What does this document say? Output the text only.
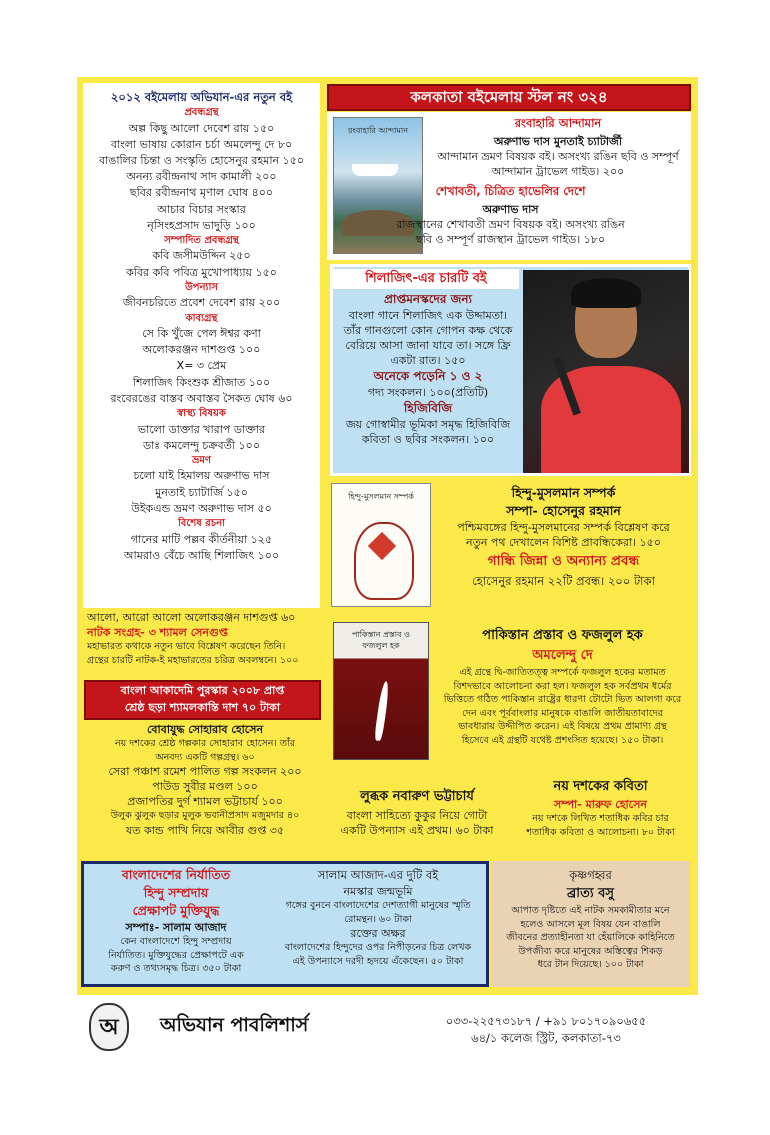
২০১২ বইমেলায় অভিযান-এর নতুন বই

প্রবন্ধগ্রন্থ

অল্প কিছু আলো দেবেশ রায় ১৫০

বাংলা ভাষায় কোরান চর্চা অমলেন্দু দে ৮০

বাঙালির চিন্তা ও সংস্কৃতি হোসেনুর রহমান ১৫০

অনন্য রবীন্দ্রনাথ সাদ কামালী ২০০

ছবির রবীন্দ্রনাথ মৃণাল ঘোষ ৪০০

আচার বিচার সংস্কার

নৃসিংহপ্রসাদ ভাদুড়ি ১০০

সম্পাদিত প্রবন্ধগ্রন্থ

কবি জসীমউদ্দিন ২৫০

কবির কবি পবিত্র মুখোপাধ্যায় ১৫০

উপন্যাস

জীবনচরিতে প্রবেশ দেবেশ রায় ২০০

কাব্যগ্রন্থ

সে কি খুঁজে পেল ঈশ্বর কণা

অলোকরঞ্জন দাশগুপ্ত ১০০

X= ৩ প্রেম

শিলাজিৎ কিংশুক শ্রীজাত ১০০

রংবেরঙের বাস্তব অবাস্তব সৈকত ঘোষ ৬০

স্বাস্থ্য বিষয়ক

ভালো ডাক্তার খারাপ ডাক্তার

ডাঃ কমলেন্দু চক্রবর্তী ১০০

ভ্রমণ

চলো যাই হিমালয় অরুণাভ দাস

মুনতাই চ্যাটার্জি ১৫০

উইকএন্ড ভ্রমণ অরুণাভ দাস ৫০

বিশেষ রচনা

গানের মাটি পল্লব কীর্তনীয়া ১২৫

আমরাও বেঁচে আছি শিলাজিৎ ১০০

কলকাতা বইমেলায় স্টল নং ৩২৪

রংবাহারি আন্দামান

রংবাহারি আন্দামান

অরুণাভ দাস মুনতাই চ্যাটার্জী

আন্দামান ভ্রমণ বিষয়ক বই। অসংখ্য রঙিন ছবি ও সম্পূর্ণ

আন্দামান ট্রাভেল গাইড। ২০০

শেখাবতী, চিত্রিত হাভেলির দেশে

অরুণাভ দাস

রাজস্থানের শেখাবতী ভ্রমণ বিষয়ক বই। অসংখ্য রঙিন

ছবি ও সম্পূর্ণ রাজস্থান ট্রাভেল গাইড। ১৮০

শিলাজিৎ-এর চারটি বই

প্রাপ্তমনস্কদের জন্য

বাংলা গানে শিলাজিৎ এক উদ্দামতা।

তাঁর গানগুলো কোন গোপন কক্ষ থেকে

বেরিয়ে আসা জানা যাবে তা। সঙ্গে ফ্রি

একটা রাত। ১৫০

অনেকে পড়েনি ১ ও ২

গদ্য সংকলন। ১০০(প্রতিটি)

হিজিবিজি

জয় গোস্বামীর ভূমিকা সমৃদ্ধ হিজিবিজি

কবিতা ও ছবির সংকলন। ১০০

হিন্দু-মুসলমান সম্পর্ক	হিন্দু-মুসলমান সম্পর্ক

সম্পা- হোসেনুর রহমান

পশ্চিমবঙ্গের হিন্দু-মুসলমানের সম্পর্ক বিশ্লেষণ করে

নতুন পথ দেখালেন বিশিষ্ট প্রাবন্ধিকেরা। ১৫০

গান্ধি জিন্না ও অন্যান্য প্রবন্ধ

হোসেনুর রহমান ২২টি প্রবন্ধ। ২০০ টাকা

পাকিস্তান প্রস্তাব ও

ফজলুল হক

পাকিস্তান প্রস্তাব ও ফজলুল হক

অমলেন্দু দে

এই গ্রন্থে দ্বি-জাতিতত্ত্ব সম্পর্কে ফজলুল হকের মতামত

বিশদভাবে আলোচনা করা হল। ফজলুল হক সর্বপ্রথম ধর্মের

ভিত্তিতে গঠিত পাকিস্তান রাষ্ট্রের ধারণা টোটো ভিত আলগা করে

দেন এবং পূর্ববাংলার মানুষকে বাঙালি জাতীয়তাবাদের

ভাবধারায় উদ্দীপিত করেন। এই বিষয়ে প্রথম প্রামাণ্য গ্রন্থ

হিসেবে এই গ্রন্থটি যথেষ্ট প্রশংসিত হয়েছে। ১৫০ টাকা।

আলো, আরো আলো অলোকরঞ্জন দাশগুপ্ত ৬০

নাটক সংগ্রহ- ৩ শ্যামল সেনগুপ্ত

মহাভারত কথাকে নতুন ভাবে বিশ্লেষণ করেছেন তিনি।

গ্রন্থের চারটি নাটক-ই মহাভারতের চরিত্র অবলম্বনে। ১০০

বাংলা আকাদেমি পুরস্কার ২০০৮ প্রাপ্ত

শ্রেষ্ঠ ছড়া শ্যামলকান্তি দাশ ৭০ টাকা

বোবাযুদ্ধ সোহারাব হোসেন

নয় দশকের শ্রেষ্ঠ গল্পকার সোহারাব হোসেন। তাঁর

অনবদ্য একটি গল্পগ্রন্থ। ৬০

সেরা পঞ্চাশ রমেশ পালিত গল্প সংকলন ২০০

পাউড সুবীর মণ্ডল ১০০

প্রজাপতির দুর্গ শ্যামল ভট্টাচার্য ১০০

উলুক ঝুলুক ছড়ার মুলুক ভবানীপ্রসাদ মজুমদার ৪০

যত কান্ড পাখি নিয়ে আবীর গুপ্ত ৩৫

লুব্ধক নবারুণ ভট্টাচার্য

বাংলা সাহিত্যে কুকুর নিয়ে গোটা

একটি উপন্যাস এই প্রথম। ৬০ টাকা

নয় দশকের কবিতা

সম্পা- মারুফ হোসেন

নয় দশকে লিখিত শতাধিক কবির চার

শতাধিক কবিতা ও আলোচনা। ৮০ টাকা

বাংলাদেশের নির্যাতিত

হিন্দু সম্প্রদায়

প্রেক্ষাপট মুক্তিযুদ্ধ

সম্পাঃ- সালাম আজাদ

কেন বাংলাদেশে হিন্দু সম্প্রদায়

নির্যাতিত। মুক্তিযুদ্ধের প্রেক্ষাপটে এক

করুণ ও তথ্যসমৃদ্ধ চিত্র। ৩৫০ টাকা

সালাম আজাদ-এর দুটি বই

নমস্কার জন্মভূমি

গঙ্গের বুননে বাংলাদেশের দেশত্যাগী মানুষের স্মৃতি

রোমন্থন। ৬০ টাকা

রক্তের অক্ষর

বাংলাদেশের হিন্দুদের ওপর নিপীড়নের চিত্র লেখক

এই উপন্যাসে দরদী হৃদয়ে এঁকেছেন। ৫০ টাকা

কৃষ্ণগহ্বর

ব্রাত্য বসু

আপাত দৃষ্টিতে এই নাটক সমকামীতার মনে

হলেও আসলে মূল বিষয় যেন বাঙালি

জীবনের প্রত্যাহীনতা যা হেঁয়ালিকে কাহিনিতে

উপজীব্য করে মানুষের অস্তিত্বের শিকড়

ধরে টান দিয়েছে। ১০০ টাকা

অ	অভিযান পাবলিশার্স	০৩৩-২২৫৭৩১৮৭ / +৯১ ৮০১৭০৯০৬৫৫

৬৪/১ কলেজ স্ট্রিট, কলকাতা-৭৩
